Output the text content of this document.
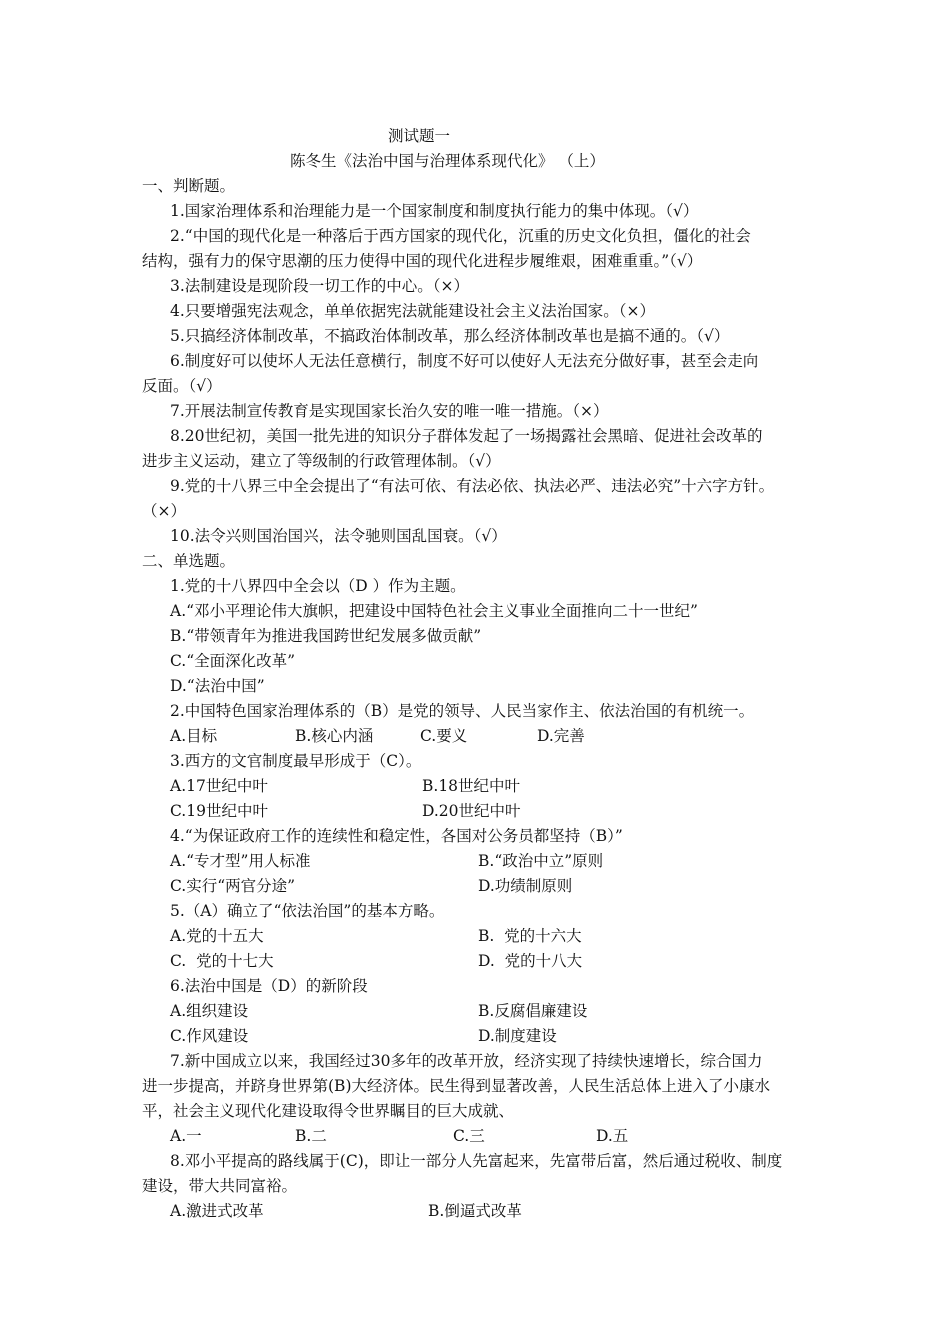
测试题一
陈冬生《法治中国与治理体系现代化》 （上）
一、判断题。
1.国家治理体系和治理能力是一个国家制度和制度执行能力的集中体现。（√）
2.“中国的现代化是一种落后于西方国家的现代化，沉重的历史文化负担，僵化的社会
结构，强有力的保守思潮的压力使得中国的现代化进程步履维艰，困难重重。”（√）
3.法制建设是现阶段一切工作的中心。（×）
4.只要增强宪法观念，单单依据宪法就能建设社会主义法治国家。（×）
5.只搞经济体制改革，不搞政治体制改革，那么经济体制改革也是搞不通的。（√）
6.制度好可以使坏人无法任意横行，制度不好可以使好人无法充分做好事，甚至会走向
反面。（√）
7.开展法制宣传教育是实现国家长治久安的唯一唯一措施。（×）
8.20世纪初，美国一批先进的知识分子群体发起了一场揭露社会黑暗、促进社会改革的
进步主义运动，建立了等级制的行政管理体制。（√）
9.党的十八界三中全会提出了“有法可依、有法必依、执法必严、违法必究”十六字方针。
（×）
10.法令兴则国治国兴，法令驰则国乱国衰。（√）
二、单选题。
1.党的十八界四中全会以（D ）作为主题。
A.“邓小平理论伟大旗帜，把建设中国特色社会主义事业全面推向二十一世纪”
B.“带领青年为推进我国跨世纪发展多做贡献”
C.“全面深化改革”
D.“法治中国”
2.中国特色国家治理体系的（B）是党的领导、人民当家作主、依法治国的有机统一。
A.目标	B.核心内涵	C.要义	D.完善
3.西方的文官制度最早形成于（C）。
A.17世纪中叶	B.18世纪中叶
C.19世纪中叶	D.20世纪中叶
4.“为保证政府工作的连续性和稳定性，各国对公务员都坚持（B）”
A.“专才型”用人标准	B.“政治中立”原则
C.实行“两官分途”	D.功绩制原则
5.（A）确立了“依法治国”的基本方略。
A.党的十五大	B.  党的十六大
C.  党的十七大	D.  党的十八大
6.法治中国是（D）的新阶段
A.组织建设	B.反腐倡廉建设
C.作风建设	D.制度建设
7.新中国成立以来，我国经过30多年的改革开放，经济实现了持续快速增长，综合国力
进一步提高，并跻身世界第(B)大经济体。民生得到显著改善，人民生活总体上进入了小康水
平，社会主义现代化建设取得令世界瞩目的巨大成就、
A.一	B.二	C.三	D.五
8.邓小平提高的路线属于(C)，即让一部分人先富起来，先富带后富，然后通过税收、制度
建设，带大共同富裕。
A.激进式改革	B.倒逼式改革
